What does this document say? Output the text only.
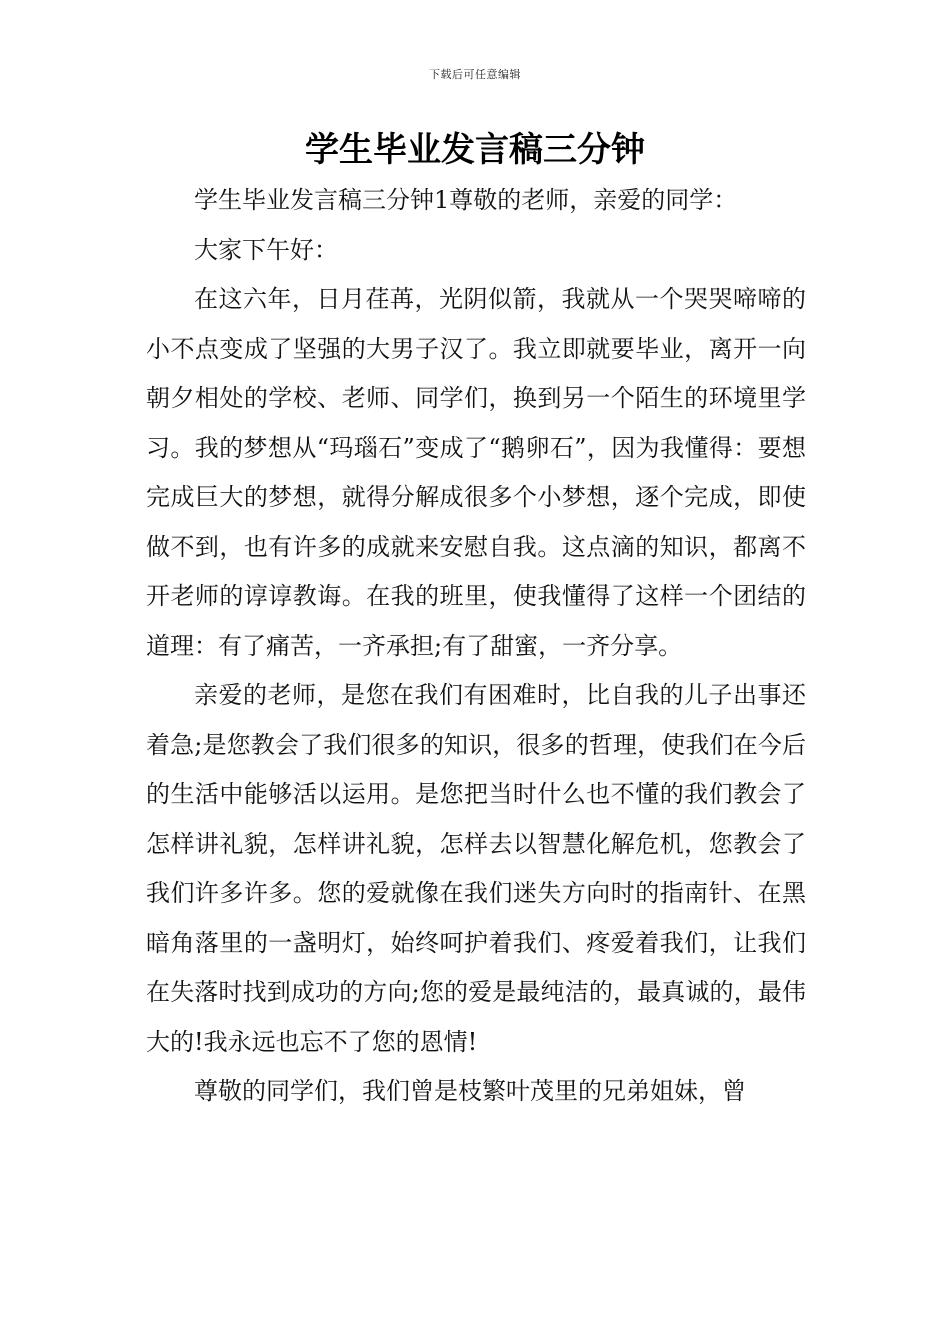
下载后可任意编辑
学生毕业发言稿三分钟

学生毕业发言稿三分钟1尊敬的老师，亲爱的同学：

大家下午好：

在这六年，日月荏苒，光阴似箭，我就从一个哭哭啼啼的小不点变成了坚强的大男子汉了。我立即就要毕业，离开一向朝夕相处的学校、老师、同学们，换到另一个陌生的环境里学习。我的梦想从“玛瑙石”变成了“鹅卵石”，因为我懂得：要想完成巨大的梦想，就得分解成很多个小梦想，逐个完成，即使做不到，也有许多的成就来安慰自我。这点滴的知识，都离不开老师的谆谆教诲。在我的班里，使我懂得了这样一个团结的道理：有了痛苦，一齐承担;有了甜蜜，一齐分享。

亲爱的老师，是您在我们有困难时，比自我的儿子出事还着急;是您教会了我们很多的知识，很多的哲理，使我们在今后的生活中能够活以运用。是您把当时什么也不懂的我们教会了怎样讲礼貌，怎样讲礼貌，怎样去以智慧化解危机，您教会了我们许多许多。您的爱就像在我们迷失方向时的指南针、在黑暗角落里的一盏明灯，始终呵护着我们、疼爱着我们，让我们在失落时找到成功的方向;您的爱是最纯洁的，最真诚的，最伟大的!我永远也忘不了您的恩情!

尊敬的同学们，我们曾是枝繁叶茂里的兄弟姐妹，曾
